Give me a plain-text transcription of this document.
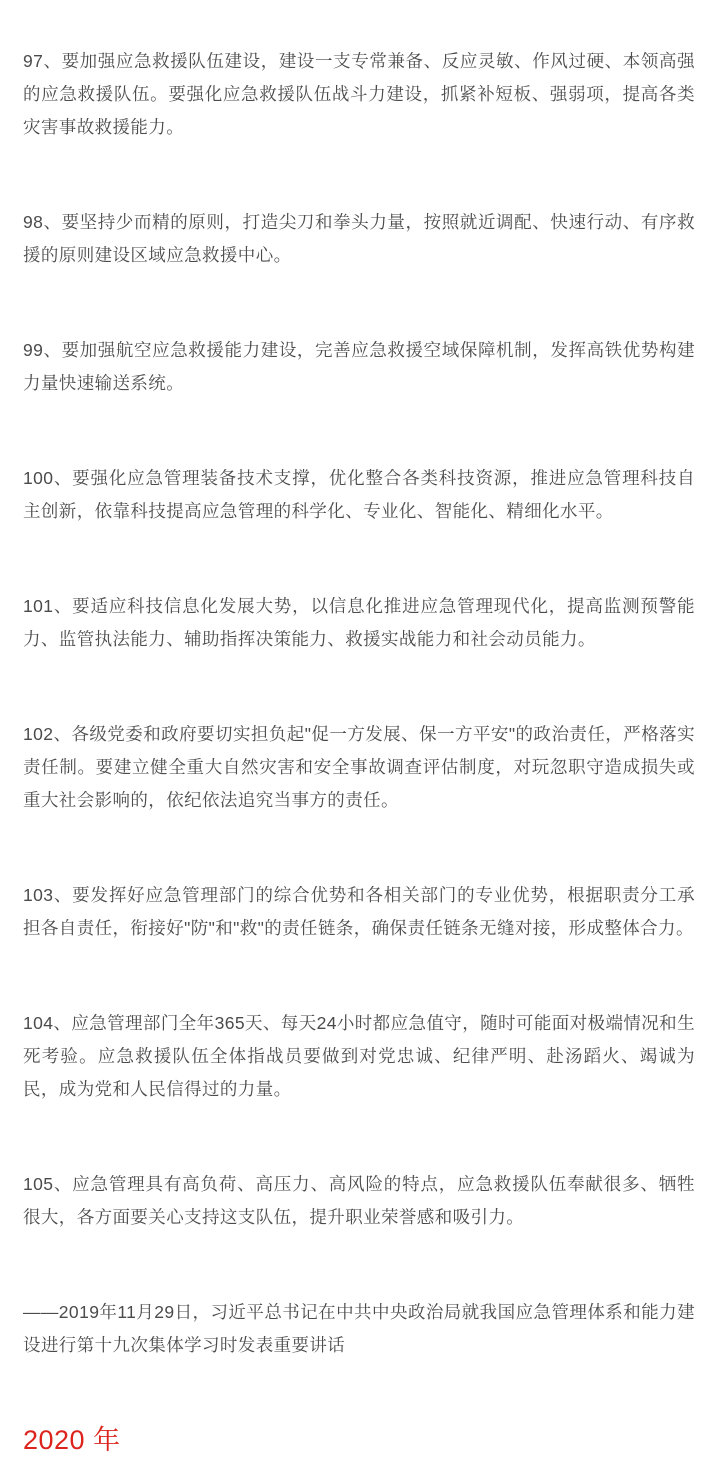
97、要加强应急救援队伍建设，建设一支专常兼备、反应灵敏、作风过硬、本领高强的应急救援队伍。要强化应急救援队伍战斗力建设，抓紧补短板、强弱项，提高各类灾害事故救援能力。

98、要坚持少而精的原则，打造尖刀和拳头力量，按照就近调配、快速行动、有序救援的原则建设区域应急救援中心。

99、要加强航空应急救援能力建设，完善应急救援空域保障机制，发挥高铁优势构建力量快速输送系统。

100、要强化应急管理装备技术支撑，优化整合各类科技资源，推进应急管理科技自主创新，依靠科技提高应急管理的科学化、专业化、智能化、精细化水平。

101、要适应科技信息化发展大势，以信息化推进应急管理现代化，提高监测预警能力、监管执法能力、辅助指挥决策能力、救援实战能力和社会动员能力。

102、各级党委和政府要切实担负起"促一方发展、保一方平安"的政治责任，严格落实责任制。要建立健全重大自然灾害和安全事故调查评估制度，对玩忽职守造成损失或重大社会影响的，依纪依法追究当事方的责任。

103、要发挥好应急管理部门的综合优势和各相关部门的专业优势，根据职责分工承担各自责任，衔接好"防"和"救"的责任链条，确保责任链条无缝对接，形成整体合力。

104、应急管理部门全年365天、每天24小时都应急值守，随时可能面对极端情况和生死考验。应急救援队伍全体指战员要做到对党忠诚、纪律严明、赴汤蹈火、竭诚为民，成为党和人民信得过的力量。

105、应急管理具有高负荷、高压力、高风险的特点，应急救援队伍奉献很多、牺牲很大，各方面要关心支持这支队伍，提升职业荣誉感和吸引力。

——2019年11月29日，习近平总书记在中共中央政治局就我国应急管理体系和能力建设进行第十九次集体学习时发表重要讲话

2020 年
